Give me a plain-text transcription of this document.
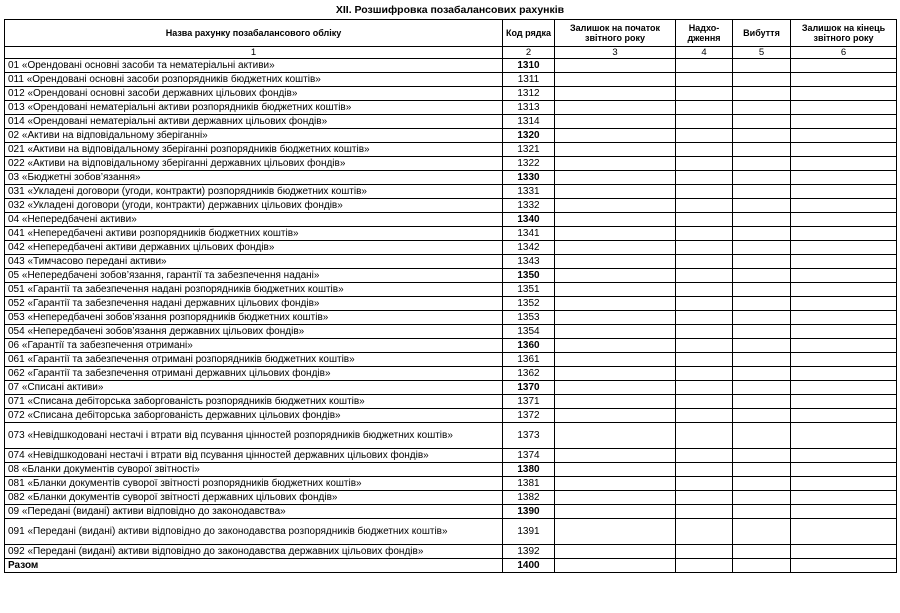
XII. Розшифровка позабалансових рахунків
Назва рахунку позабалансового обліку	Код рядка	Залишок на початок звітного року	Надхо-дження	Вибуття	Залишок на кінець звітного року
1	2	3	4	5	6
01 «Орендовані основні засоби та нематеріальні активи»	1310				
011 «Орендовані основні засоби розпорядників бюджетних коштів»	1311				
012 «Орендовані основні засоби державних цільових фондів»	1312				
013 «Орендовані нематеріальні активи розпорядників бюджетних коштів»	1313				
014 «Орендовані нематеріальні активи державних цільових фондів»	1314				
02 «Активи на відповідальному зберіганні»	1320				
021 «Активи на відповідальному зберіганні розпорядників бюджетних коштів»	1321				
022 «Активи на відповідальному зберіганні державних цільових фондів»	1322				
03 «Бюджетні зобов’язання»	1330				
031 «Укладені договори (угоди, контракти) розпорядників бюджетних коштів»	1331				
032 «Укладені договори (угоди, контракти) державних цільових фондів»	1332				
04 «Непередбачені активи»	1340				
041 «Непередбачені активи розпорядників бюджетних коштів»	1341				
042 «Непередбачені активи державних цільових фондів»	1342				
043 «Тимчасово передані активи»	1343				
05 «Непередбачені зобов’язання, гарантії та забезпечення надані»	1350				
051 «Гарантії та забезпечення надані розпорядників бюджетних коштів»	1351				
052 «Гарантії та забезпечення надані державних цільових фондів»	1352				
053 «Непередбачені зобов’язання розпорядників бюджетних коштів»	1353				
054 «Непередбачені зобов’язання державних цільових фондів»	1354				
06 «Гарантії та забезпечення отримані»	1360				
061 «Гарантії та забезпечення отримані розпорядників бюджетних коштів»	1361				
062 «Гарантії та забезпечення отримані державних цільових фондів»	1362				
07 «Списані активи»	1370				
071 «Списана дебіторська заборгованість розпорядників бюджетних коштів»	1371				
072 «Списана дебіторська заборгованість державних цільових фондів»	1372				
073 «Невідшкодовані нестачі і втрати від псування цінностей розпорядників бюджетних коштів»	1373				
074 «Невідшкодовані нестачі і втрати від псування цінностей державних цільових фондів»	1374				
08 «Бланки документів суворої звітності»	1380				
081 «Бланки документів суворої звітності розпорядників бюджетних коштів»	1381				
082 «Бланки документів суворої звітності державних цільових фондів»	1382				
09 «Передані (видані) активи відповідно до законодавства»	1390				
091 «Передані (видані) активи відповідно до законодавства розпорядників бюджетних коштів»	1391				
092 «Передані (видані) активи відповідно до законодавства державних цільових фондів»	1392				
Разом	1400				
